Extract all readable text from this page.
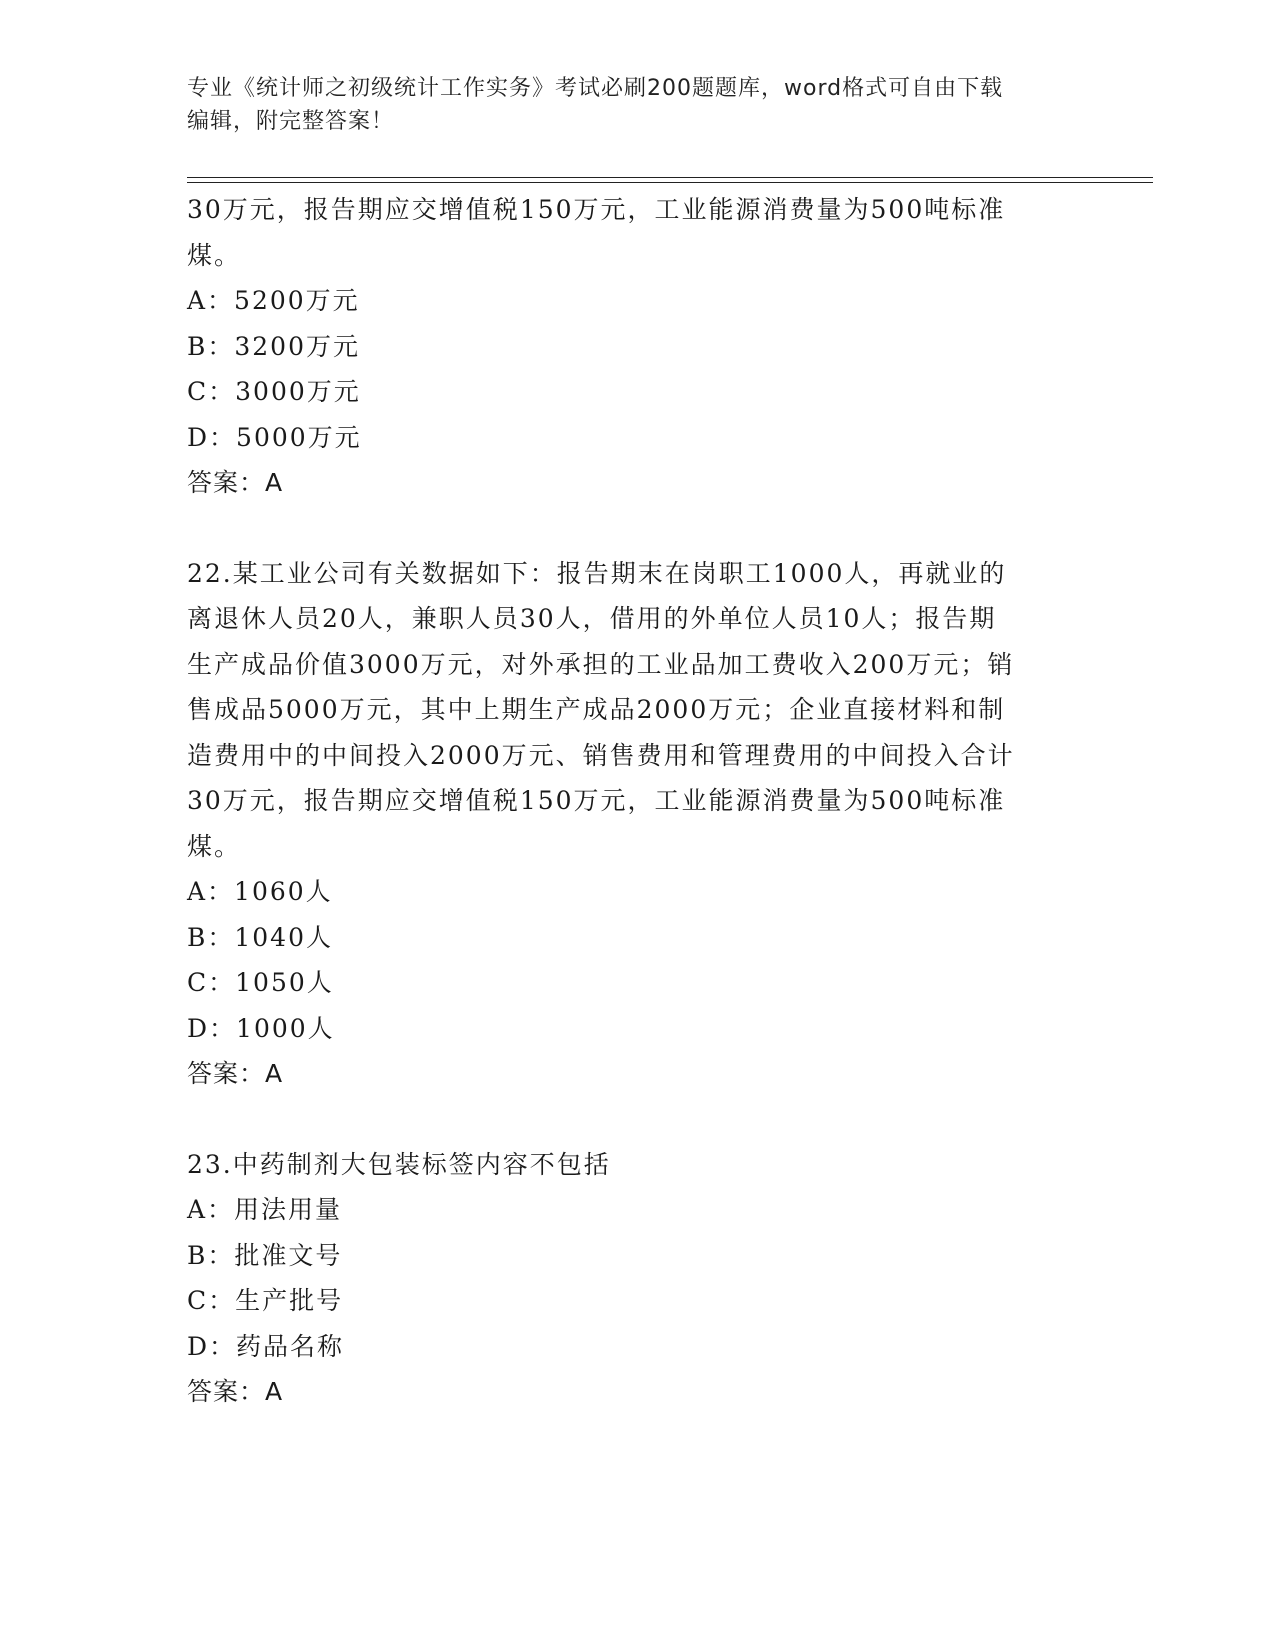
专业《统计师之初级统计工作实务》考试必刷200题题库，word格式可自由下载
编辑，附完整答案！
30万元，报告期应交增值税150万元，工业能源消费量为500吨标准
煤。
A：5200万元
B：3200万元
C：3000万元
D：5000万元
答案：A
22.某工业公司有关数据如下：报告期末在岗职工1000人，再就业的
离退休人员20人，兼职人员30人，借用的外单位人员10人；报告期
生产成品价值3000万元，对外承担的工业品加工费收入200万元；销
售成品5000万元，其中上期生产成品2000万元；企业直接材料和制
造费用中的中间投入2000万元、销售费用和管理费用的中间投入合计
30万元，报告期应交增值税150万元，工业能源消费量为500吨标准
煤。
A：1060人
B：1040人
C：1050人
D：1000人
答案：A
23.中药制剂大包装标签内容不包括
A：用法用量
B：批准文号
C：生产批号
D：药品名称
答案：A
